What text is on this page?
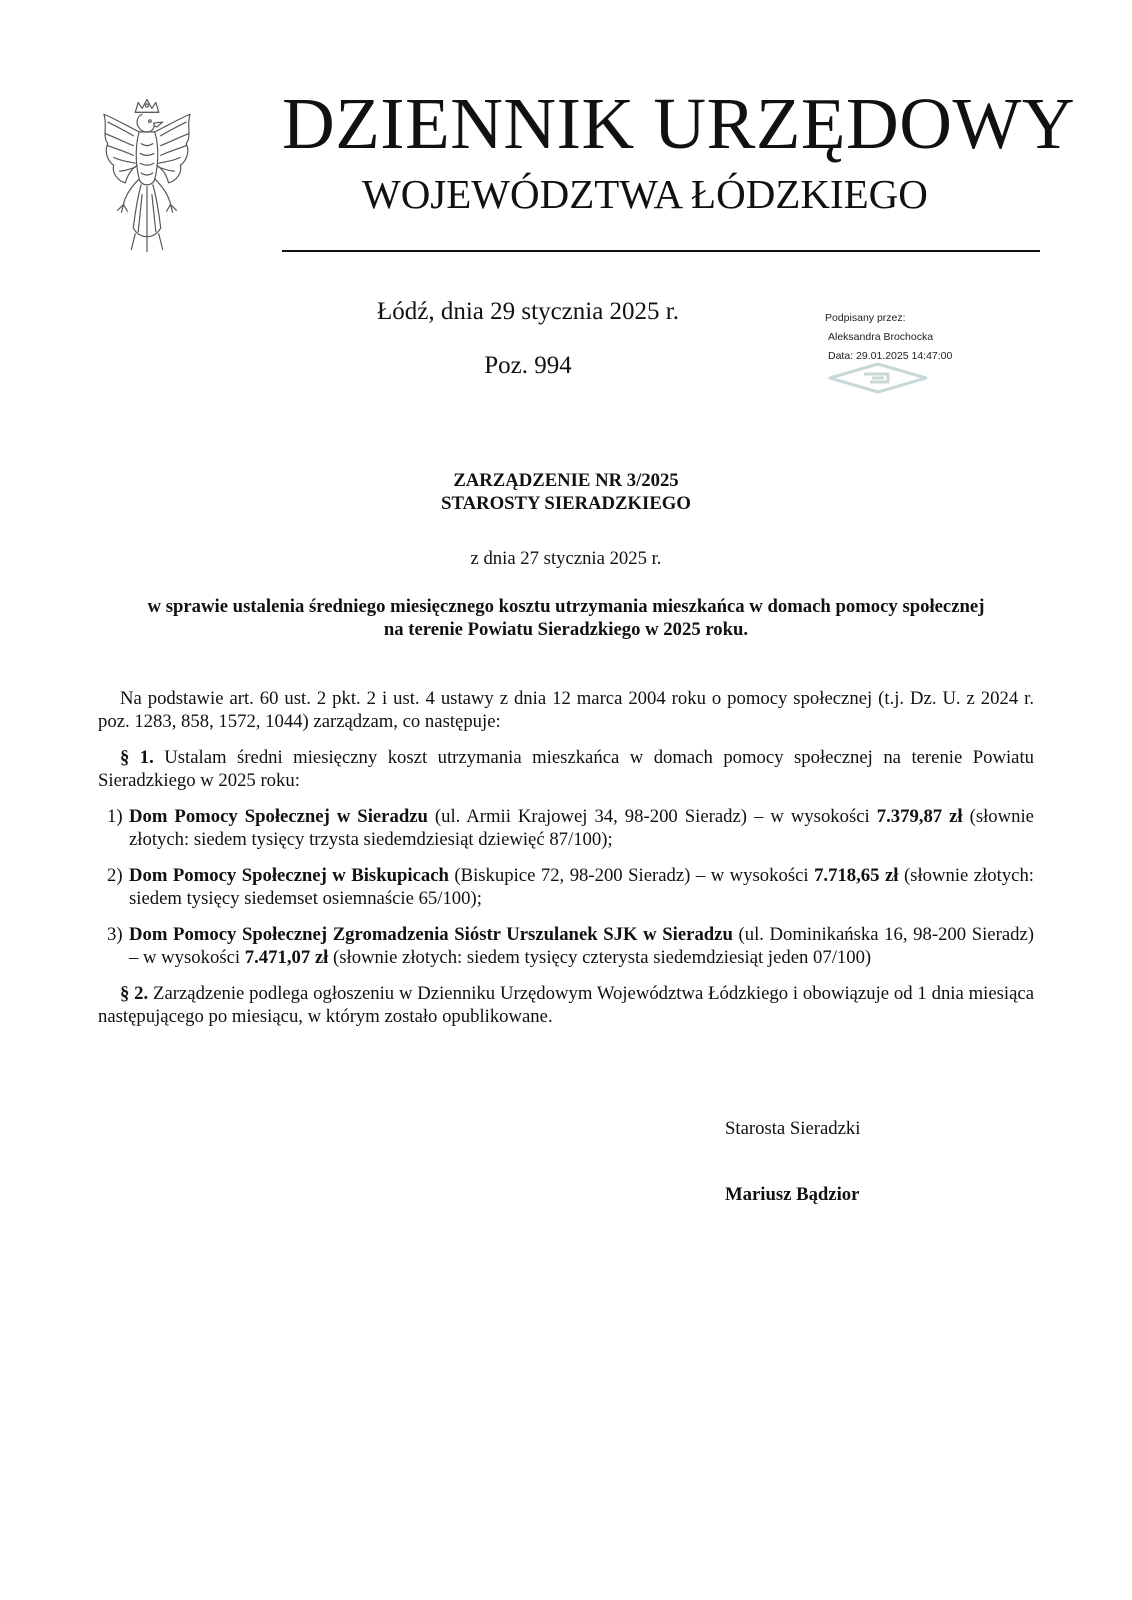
DZIENNIK URZĘDOWY
WOJEWÓDZTWA ŁÓDZKIEGO
Łódź, dnia 29 stycznia 2025 r.
Poz. 994
Podpisany przez:
Aleksandra Brochocka
Data: 29.01.2025 14:47:00
ZARZĄDZENIE NR 3/2025
STAROSTY SIERADZKIEGO
z dnia 27 stycznia 2025 r.
w sprawie ustalenia średniego miesięcznego kosztu utrzymania mieszkańca w domach pomocy społecznej
na terenie Powiatu Sieradzkiego w 2025 roku.

Na podstawie art. 60 ust. 2 pkt. 2 i ust. 4 ustawy z dnia 12 marca 2004 roku o pomocy społecznej (t.j. Dz. U. z 2024 r. poz. 1283, 858, 1572, 1044) zarządzam, co następuje:

§ 1. Ustalam średni miesięczny koszt utrzymania mieszkańca w domach pomocy społecznej na terenie Powiatu Sieradzkiego w 2025 roku:

1) Dom Pomocy Społecznej w Sieradzu (ul. Armii Krajowej 34, 98-200 Sieradz) – w wysokości 7.379,87 zł (słownie złotych: siedem tysięcy trzysta siedemdziesiąt dziewięć 87/100);
2) Dom Pomocy Społecznej w Biskupicach (Biskupice 72, 98-200 Sieradz) – w wysokości 7.718,65 zł (słownie złotych: siedem tysięcy siedemset osiemnaście 65/100);
3) Dom Pomocy Społecznej Zgromadzenia Sióstr Urszulanek SJK w Sieradzu (ul. Dominikańska 16, 98-200 Sieradz) – w wysokości 7.471,07 zł (słownie złotych: siedem tysięcy czterysta siedemdziesiąt jeden 07/100)

§ 2. Zarządzenie podlega ogłoszeniu w Dzienniku Urzędowym Województwa Łódzkiego i obowiązuje od 1 dnia miesiąca następującego po miesiącu, w którym zostało opublikowane.

Starosta Sieradzki
Mariusz Bądzior
